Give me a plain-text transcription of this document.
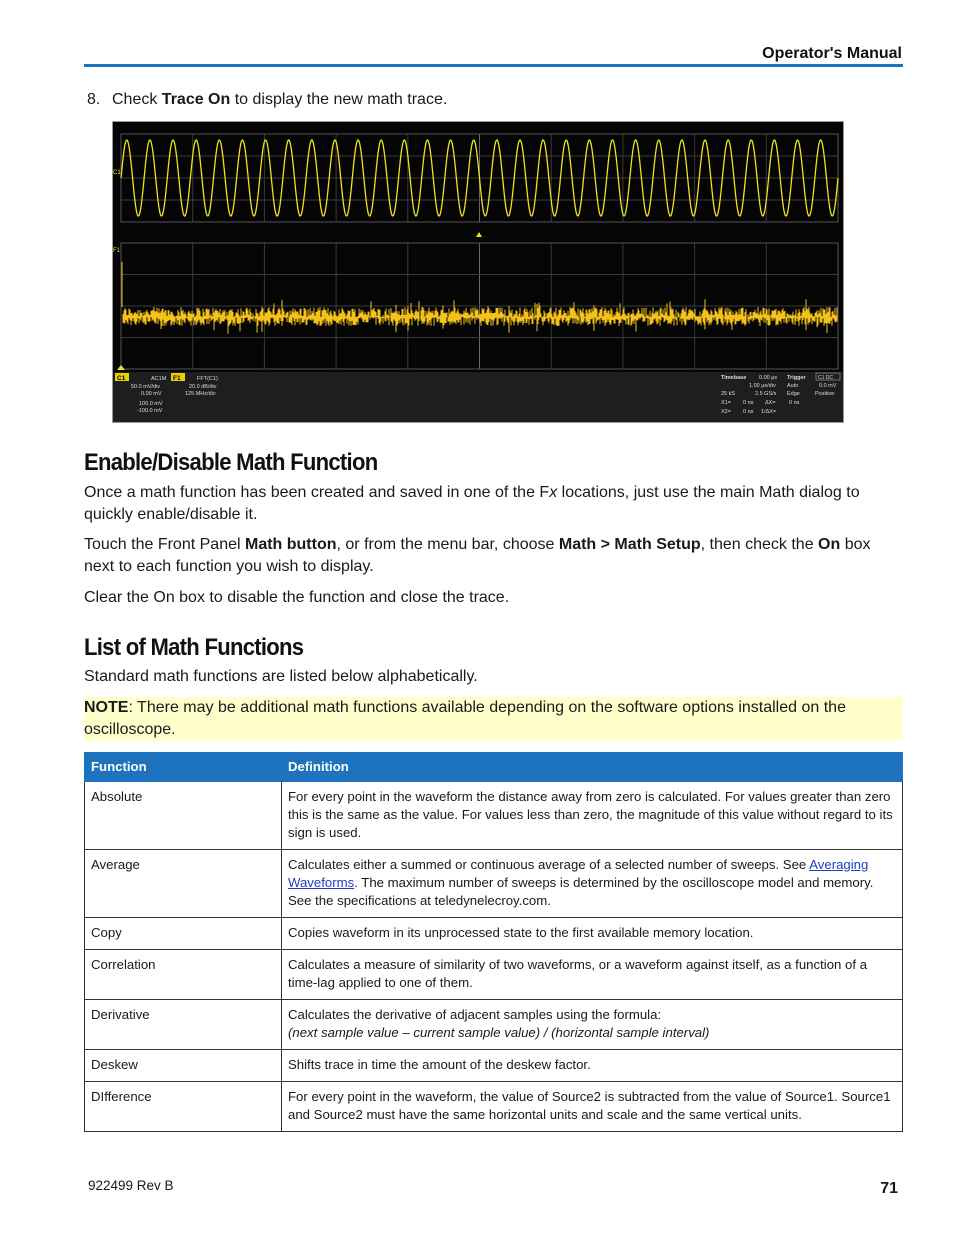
Operator's Manual
8. Check Trace On to display the new math trace.
C1
F1
C1	AC1M
50.0 mV/div
0.00 mV
100.0 mV
-100.0 mV
F1	FFT(C1)
20.0 dB/div
125 MHz/div
Timebase 0.00 µs
1.00 µs/div
25 kS	2.5 GS/s
X1= 0 ns ΔX= 0 ns
X2= 0 ns 1/ΔX=
Trigger C1 DC
Auto	0.0 mV
Edge	Positive
Enable/Disable Math Function

Once a math function has been created and saved in one of the Fx locations, just use the main Math dialog to quickly enable/disable it.

Touch the Front Panel Math button, or from the menu bar, choose Math > Math Setup, then check the On box next to each function you wish to display.

Clear the On box to disable the function and close the trace.

List of Math Functions

Standard math functions are listed below alphabetically.

NOTE: There may be additional math functions available depending on the software options installed on the oscilloscope.
Function	Definition
Absolute	For every point in the waveform the distance away from zero is calculated. For values greater than zero this is the same as the value. For values less than zero, the magnitude of this value without regard to its sign is used.
Average	Calculates either a summed or continuous average of a selected number of sweeps. See Averaging Waveforms. The maximum number of sweeps is determined by the oscilloscope model and memory. See the specifications at teledynelecroy.com.
Copy	Copies waveform in its unprocessed state to the first available memory location.
Correlation	Calculates a measure of similarity of two waveforms, or a waveform against itself, as a function of a time-lag applied to one of them.
Derivative	Calculates the derivative of adjacent samples using the formula:
(next sample value – current sample value) / (horizontal sample interval)
Deskew	Shifts trace in time the amount of the deskew factor.
DIfference	For every point in the waveform, the value of Source2 is subtracted from the value of Source1. Source1 and Source2 must have the same horizontal units and scale and the same vertical units.
922499 Rev B	71
